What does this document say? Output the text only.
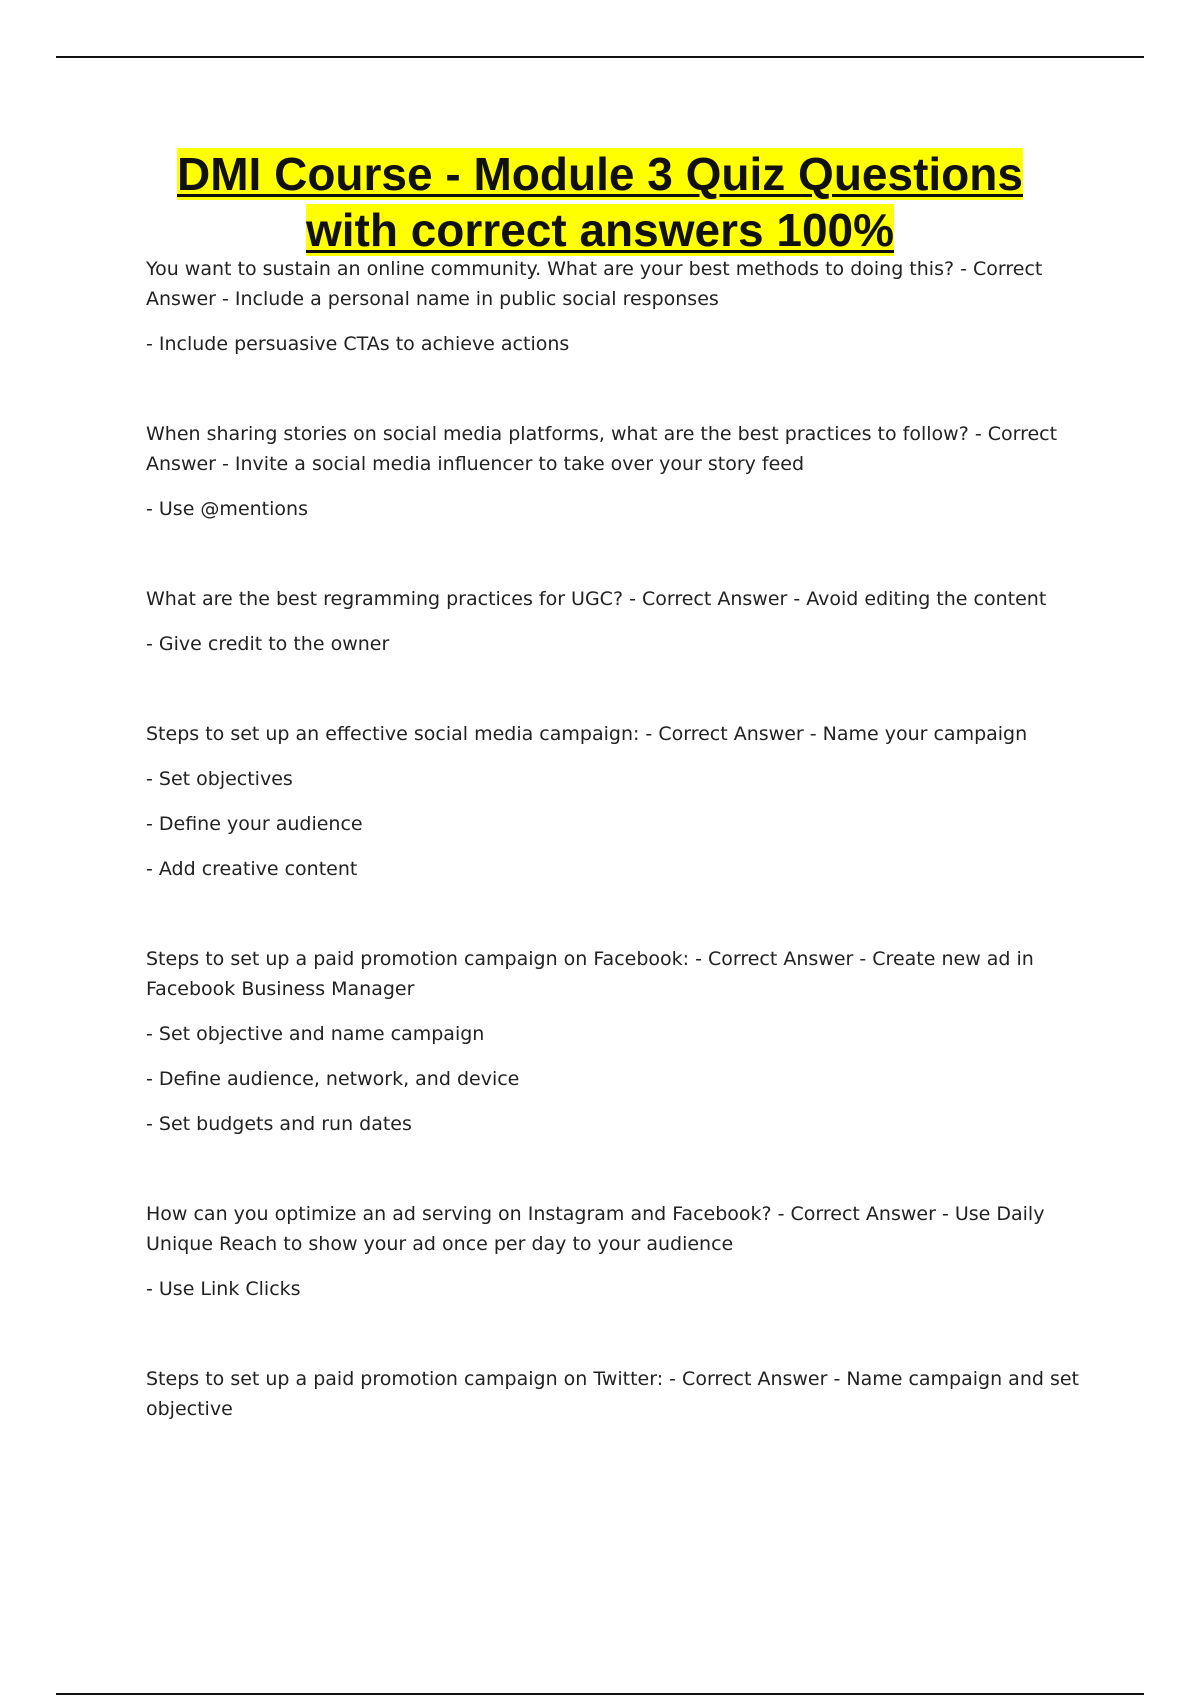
DMI Course - Module 3 Quiz Questions
with correct answers 100%

You want to sustain an online community. What are your best methods to doing this? - Correct Answer - Include a personal name in public social responses

- Include persuasive CTAs to achieve actions

When sharing stories on social media platforms, what are the best practices to follow? - Correct Answer - Invite a social media influencer to take over your story feed

- Use @mentions

What are the best regramming practices for UGC? - Correct Answer - Avoid editing the content

- Give credit to the owner

Steps to set up an effective social media campaign: - Correct Answer - Name your campaign

- Set objectives

- Define your audience

- Add creative content

Steps to set up a paid promotion campaign on Facebook: - Correct Answer - Create new ad in Facebook Business Manager

- Set objective and name campaign

- Define audience, network, and device

- Set budgets and run dates

How can you optimize an ad serving on Instagram and Facebook? - Correct Answer - Use Daily Unique Reach to show your ad once per day to your audience

- Use Link Clicks

Steps to set up a paid promotion campaign on Twitter: - Correct Answer - Name campaign and set objective
